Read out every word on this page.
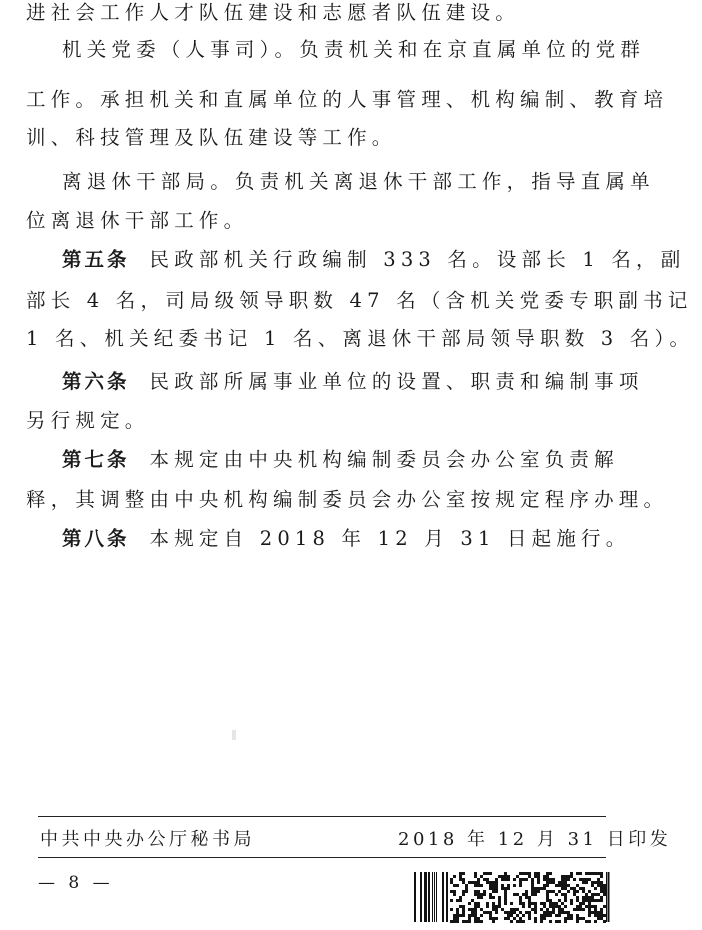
进社会工作人才队伍建设和志愿者队伍建设。
机关党委（人事司）。负责机关和在京直属单位的党群
工作。承担机关和直属单位的人事管理、机构编制、教育培
训、科技管理及队伍建设等工作。
离退休干部局。负责机关离退休干部工作，指导直属单
位离退休干部工作。
第五条 民政部机关行政编制 333 名。设部长 1 名，副
部长 4 名，司局级领导职数 47 名（含机关党委专职副书记
1 名、机关纪委书记 1 名、离退休干部局领导职数 3 名）。
第六条 民政部所属事业单位的设置、职责和编制事项
另行规定。
第七条 本规定由中央机构编制委员会办公室负责解
释，其调整由中央机构编制委员会办公室按规定程序办理。
第八条 本规定自 2018 年 12 月 31 日起施行。
中共中央办公厅秘书局	2018 年 12 月 31 日印发
— 8 —
